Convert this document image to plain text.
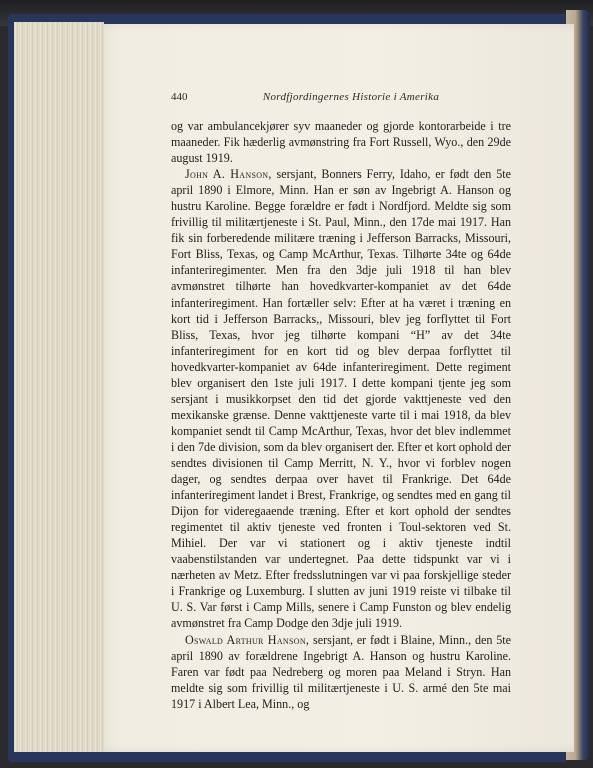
440	Nordfjordingernes Historie i Amerika

og var ambulancekjører syv maaneder og gjorde kontorarbeide i tre maaneder. Fik hæderlig avmønstring fra Fort Russell, Wyo., den 29de august 1919.

John A. Hanson, sersjant, Bonners Ferry, Idaho, er født den 5te april 1890 i Elmore, Minn. Han er søn av Ingebrigt A. Hanson og hustru Karoline. Begge forældre er født i Nordfjord. Meldte sig som frivillig til militærtjeneste i St. Paul, Minn., den 17de mai 1917. Han fik sin forberedende militære træning i Jefferson Barracks, Missouri, Fort Bliss, Texas, og Camp McArthur, Texas. Tilhørte 34te og 64de infanteriregimenter. Men fra den 3dje juli 1918 til han blev avmønstret tilhørte han hovedkvarter-kompaniet av det 64de infanteriregiment. Han fortæller selv: Efter at ha været i træning en kort tid i Jefferson Barracks,, Missouri, blev jeg forflyttet til Fort Bliss, Texas, hvor jeg tilhørte kompani “H” av det 34te infanteriregiment for en kort tid og blev derpaa forflyttet til hovedkvarter-kompaniet av 64de infanteriregiment. Dette regiment blev organisert den 1ste juli 1917. I dette kompani tjente jeg som sersjant i musikkorpset den tid det gjorde vakttjeneste ved den mexikanske grænse. Denne vakttjeneste varte til i mai 1918, da blev kompaniet sendt til Camp McArthur, Texas, hvor det blev indlemmet i den 7de division, som da blev organisert der. Efter et kort ophold der sendtes divisionen til Camp Merritt, N. Y., hvor vi forblev nogen dager, og sendtes derpaa over havet til Frankrige. Det 64de infanteriregiment landet i Brest, Frankrige, og sendtes med en gang til Dijon for videregaaende træning. Efter et kort ophold der sendtes regimentet til aktiv tjeneste ved fronten i Toul-sektoren ved St. Mihiel. Der var vi stationert og i aktiv tjeneste indtil vaabenstilstanden var undertegnet. Paa dette tidspunkt var vi i nærheten av Metz. Efter fredsslutningen var vi paa forskjellige steder i Frankrige og Luxemburg. I slutten av juni 1919 reiste vi tilbake til U. S. Var først i Camp Mills, senere i Camp Funston og blev endelig avmønstret fra Camp Dodge den 3dje juli 1919.

Oswald Arthur Hanson, sersjant, er født i Blaine, Minn., den 5te april 1890 av forældrene Ingebrigt A. Hanson og hustru Karoline. Faren var født paa Nedreberg og moren paa Meland i Stryn. Han meldte sig som frivillig til militærtjeneste i U. S. armé den 5te mai 1917 i Albert Lea, Minn., og
